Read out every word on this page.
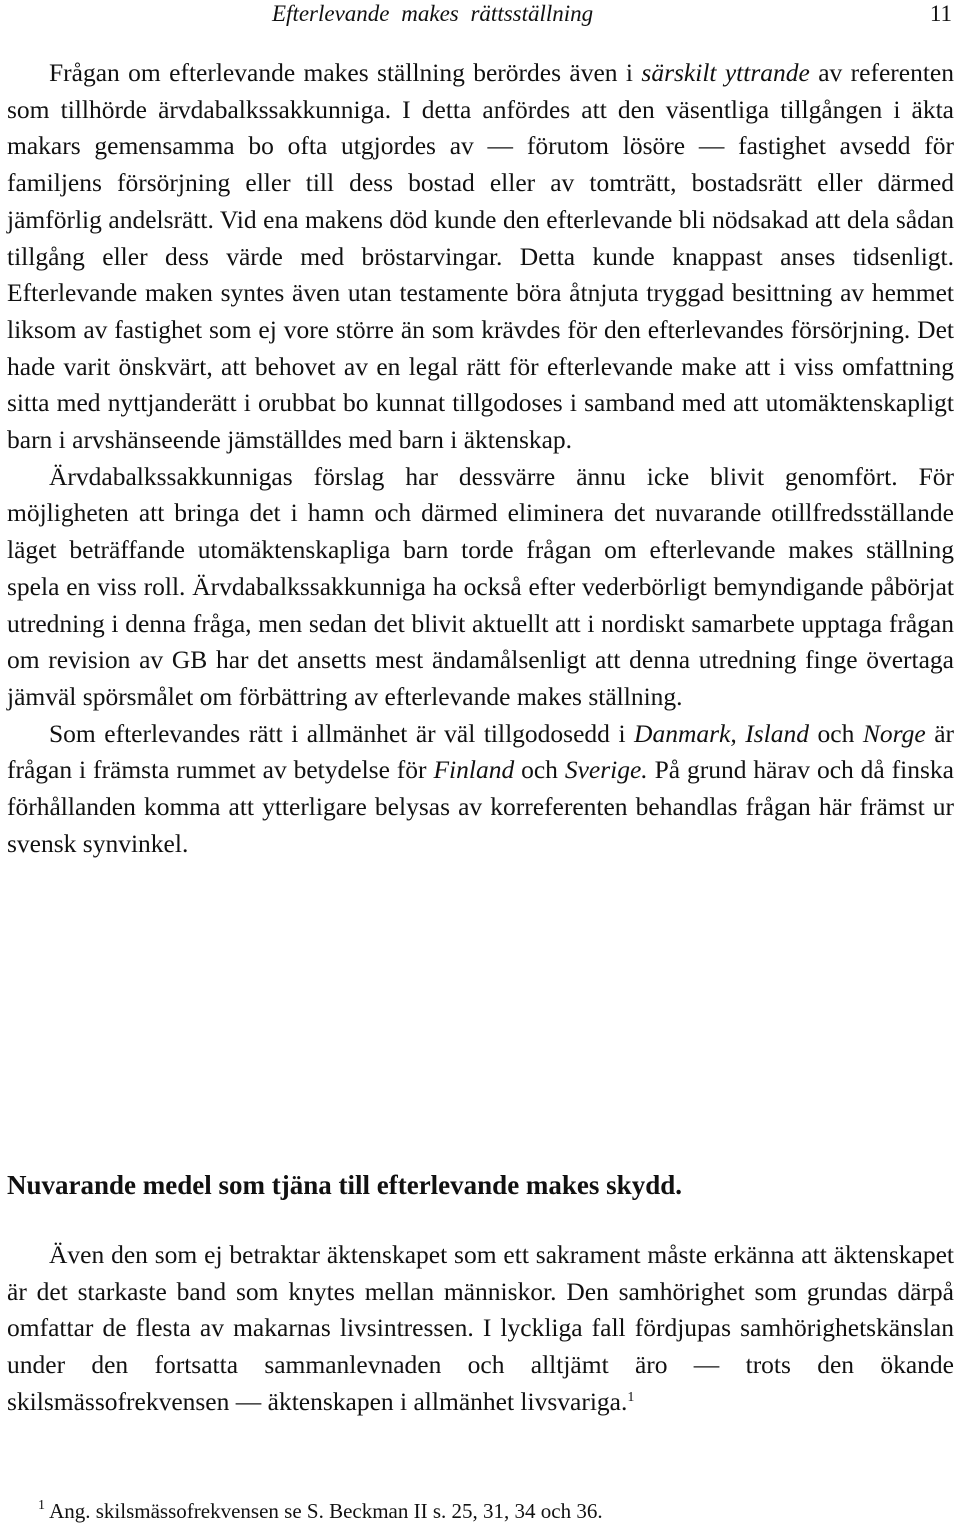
Efterlevande makes rättsställning	11

Frågan om efterlevande makes ställning berördes även i särskilt yttrande av referenten som tillhörde ärvdabalkssakkunniga. I detta anfördes att den väsentliga tillgången i äkta makars gemensamma bo ofta utgjordes av — förutom lösöre — fastighet avsedd för familjens försörjning eller till dess bostad eller av tomträtt, bostadsrätt eller därmed jämförlig andelsrätt. Vid ena makens död kunde den efterlevande bli nödsakad att dela sådan tillgång eller dess värde med bröstarvingar. Detta kunde knappast anses tidsenligt. Efterlevande maken syntes även utan testamente böra åtnjuta tryggad besittning av hemmet liksom av fastighet som ej vore större än som krävdes för den efterlevandes försörjning. Det hade varit önskvärt, att behovet av en legal rätt för efterlevande make att i viss omfattning sitta med nyttjanderätt i orubbat bo kunnat tillgodoses i samband med att utomäktenskapligt barn i arvshänseende jämställdes med barn i äktenskap.

Ärvdabalkssakkunnigas förslag har dessvärre ännu icke blivit genomfört. För möjligheten att bringa det i hamn och därmed eliminera det nuvarande otillfredsställande läget beträffande utomäktenskapliga barn torde frågan om efterlevande makes ställning spela en viss roll. Ärvdabalkssakkunniga ha också efter vederbörligt bemyndigande påbörjat utredning i denna fråga, men sedan det blivit aktuellt att i nordiskt samarbete upptaga frågan om revision av GB har det ansetts mest ändamålsenligt att denna utredning finge övertaga jämväl spörsmålet om förbättring av efterlevande makes ställning.

Som efterlevandes rätt i allmänhet är väl tillgodosedd i Danmark, Island och Norge är frågan i främsta rummet av betydelse för Finland och Sverige. På grund härav och då finska förhållanden komma att ytterligare belysas av korreferenten behandlas frågan här främst ur svensk synvinkel.

Nuvarande medel som tjäna till efterlevande makes skydd.

Även den som ej betraktar äktenskapet som ett sakrament måste erkänna att äktenskapet är det starkaste band som knytes mellan människor. Den samhörighet som grundas därpå omfattar de flesta av makarnas livsintressen. I lyckliga fall fördjupas samhörighetskänslan under den fortsatta sammanlevnaden och alltjämt äro — trots den ökande skilsmässofrekvensen — äktenskapen i allmänhet livsvariga.$^1$

$^1$ Ang. skilsmässofrekvensen se S. Beckman II s. 25, 31, 34 och 36.
